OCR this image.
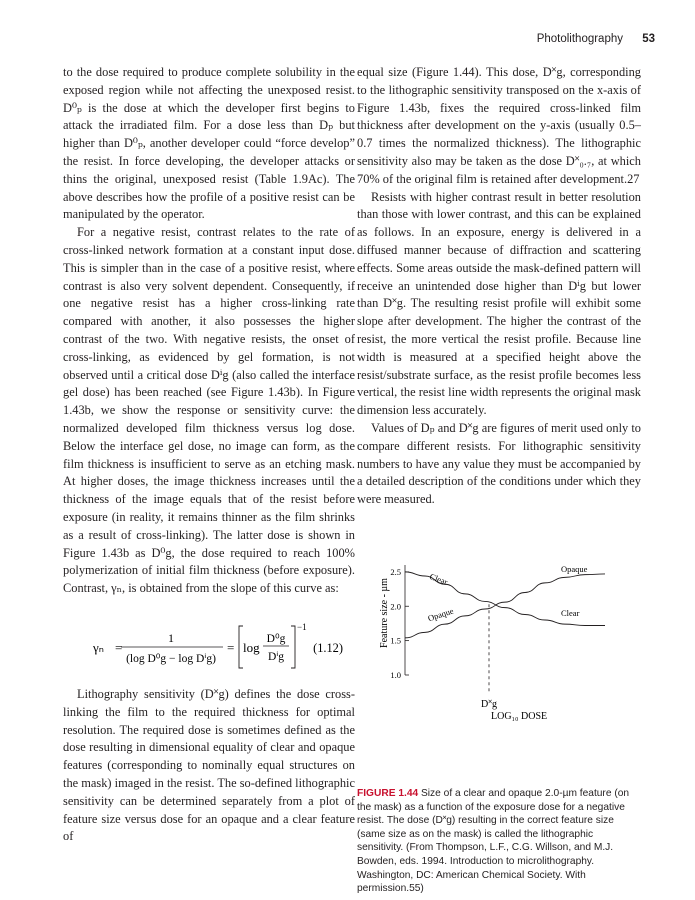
Photolithography 53

to the dose required to produce complete solubility in the exposed region while not affecting the unexposed resist. D⁰ₚ is the dose at which the developer first begins to attack the irradiated film. For a dose less than Dₚ but higher than D⁰ₚ, another developer could “force develop” the resist. In force developing, the developer attacks or thins the original, unexposed resist (Table 1.9Ac). The above describes how the profile of a positive resist can be manipulated by the operator.

For a negative resist, contrast relates to the rate of cross-linked network formation at a constant input dose. This is simpler than in the case of a positive resist, where contrast is also very solvent dependent. Consequently, if one negative resist has a higher cross-linking rate compared with another, it also possesses the higher contrast of the two. With negative resists, the onset of cross-linking, as evidenced by gel formation, is not observed until a critical dose Dⁱg (also called the interface gel dose) has been reached (see Figure 1.43b). In Figure 1.43b, we show the response or sensitivity curve: the normalized developed film thickness versus log dose. Below the interface gel dose, no image can form, as the film thickness is insufficient to serve as an etching mask. At higher doses, the image thickness increases until the thickness of the image equals that of the resist before exposure (in reality, it remains thinner as the film shrinks as a result of cross-linking). The latter dose is shown in Figure 1.43b as D⁰g, the dose required to reach 100% polymerization of initial film thickness (before exposure). Contrast, γₙ, is obtained from the slope of this curve as:

γₙ =
1
(log D⁰g − log Dⁱg)
= log
D⁰g
Dⁱg
−1
(1.12)

Lithography sensitivity (D˟g) defines the dose cross-linking the film to the required thickness for optimal resolution. The required dose is sometimes defined as the dose resulting in dimensional equality of clear and opaque features (corresponding to nominally equal structures on the mask) imaged in the resist. The so-defined lithographic sensitivity can be determined separately from a plot of feature size versus dose for an opaque and a clear feature of

equal size (Figure 1.44). This dose, D˟g, corresponding to the lithographic sensitivity transposed on the x-axis of Figure 1.43b, fixes the required cross-linked film thickness after development on the y-axis (usually 0.5–0.7 times the normalized thickness). The lithographic sensitivity also may be taken as the dose D˟₀.₇, at which 70% of the original film is retained after development.27

Resists with higher contrast result in better resolution than those with lower contrast, and this can be explained as follows. In an exposure, energy is delivered in a diffused manner because of diffraction and scattering effects. Some areas outside the mask-defined pattern will receive an unintended dose higher than Dⁱg but lower than D˟g. The resulting resist profile will exhibit some slope after development. The higher the contrast of the resist, the more vertical the resist profile. Because line width is measured at a specified height above the resist/substrate surface, as the resist profile becomes less vertical, the resist line width represents the original mask dimension less accurately.

Values of Dₚ and D˟g are figures of merit used only to compare different resists. For lithographic sensitivity numbers to have any value they must be accompanied by a detailed description of the conditions under which they were measured.

Feature size - µm
2.5
2.0
1.5
1.0
Clear
Opaque
Opaque	Clear
D˟g
LOG₁₀ DOSE
FIGURE 1.44 Size of a clear and opaque 2.0-µm feature (on the mask) as a function of the exposure dose for a negative resist. The dose (D˟g) resulting in the correct feature size (same size as on the mask) is called the lithographic sensitivity. (From Thompson, L.F., C.G. Willson, and M.J. Bowden, eds. 1994. Introduction to microlithography. Washington, DC: American Chemical Society. With permission.55)
